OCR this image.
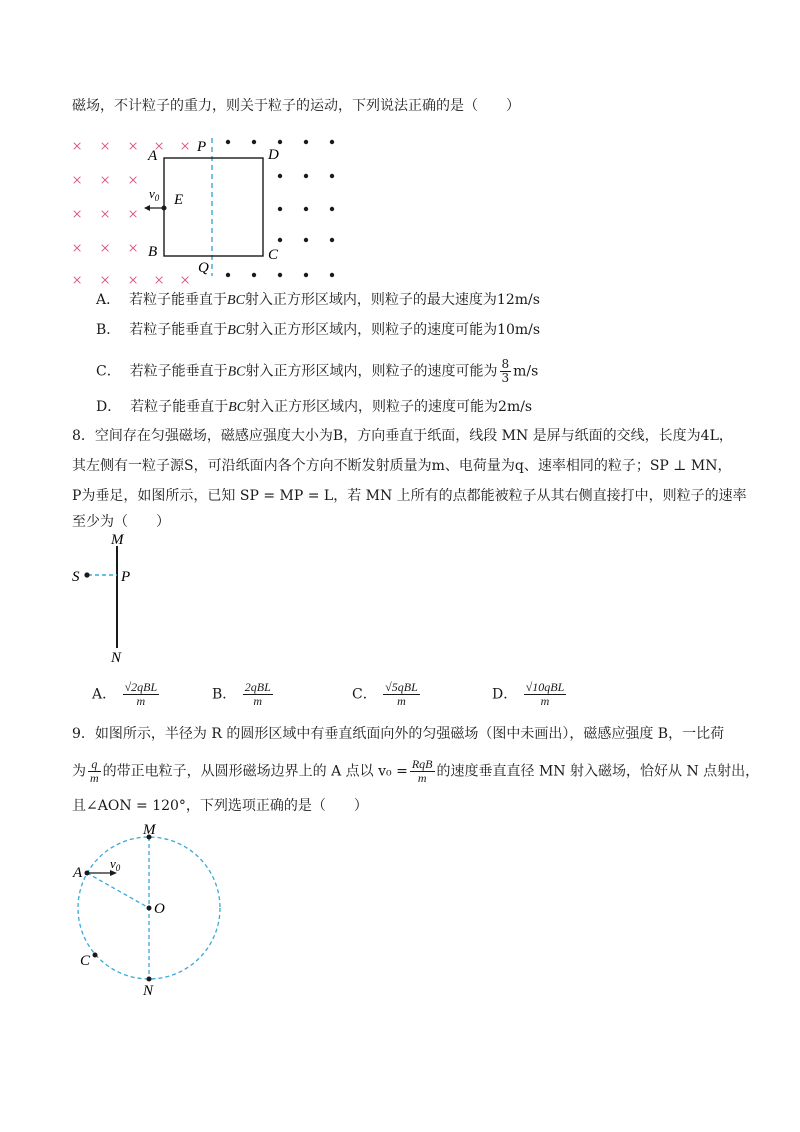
磁场，不计粒子的重力，则关于粒子的运动，下列说法正确的是（　　）
× × × × ×
× × ×
× × ×
× × ×
× × × × ×
A
P	D
E
B
Q
C
$v_0$
A． 若粒子能垂直于BC射入正方形区域内，则粒子的最大速度为12m/s
B． 若粒子能垂直于BC射入正方形区域内，则粒子的速度可能为10m/s
C． 若粒子能垂直于BC射入正方形区域内，则粒子的速度可能为 $\frac{8}{3} m/s$
D． 若粒子能垂直于BC射入正方形区域内，则粒子的速度可能为2m/s
8．空间存在匀强磁场，磁感应强度大小为B，方向垂直于纸面，线段 MN 是屏与纸面的交线，长度为4L，
其左侧有一粒子源S，可沿纸面内各个方向不断发射质量为m、电荷量为q、速率相同的粒子；SP ⊥ MN，
P为垂足，如图所示，已知 SP = MP = L，若 MN 上所有的点都能被粒子从其右侧直接打中，则粒子的速率
至少为（　　）
M
S	P
N
A． $\frac{\text{√2qBL}}{m}$	B． $\frac{\text{2qBL}}{m}$	C． $\frac{\text{√5qBL}}{m}$	D． $\frac{\text{√10qBL}}{m}$
9．如图所示，半径为 R 的圆形区域中有垂直纸面向外的匀强磁场（图中未画出），磁感应强度 B，一比荷
为 $\frac{q}{m}$ 的带正电粒子，从圆形磁场边界上的 A 点以 $v_0 = \frac{\text{RqB}}{m}$ 的速度垂直直径 MN 射入磁场，恰好从 N 点射出，
且∠AON = 120°，下列选项正确的是（　　）
M
A
$v_0$
O
C
N
